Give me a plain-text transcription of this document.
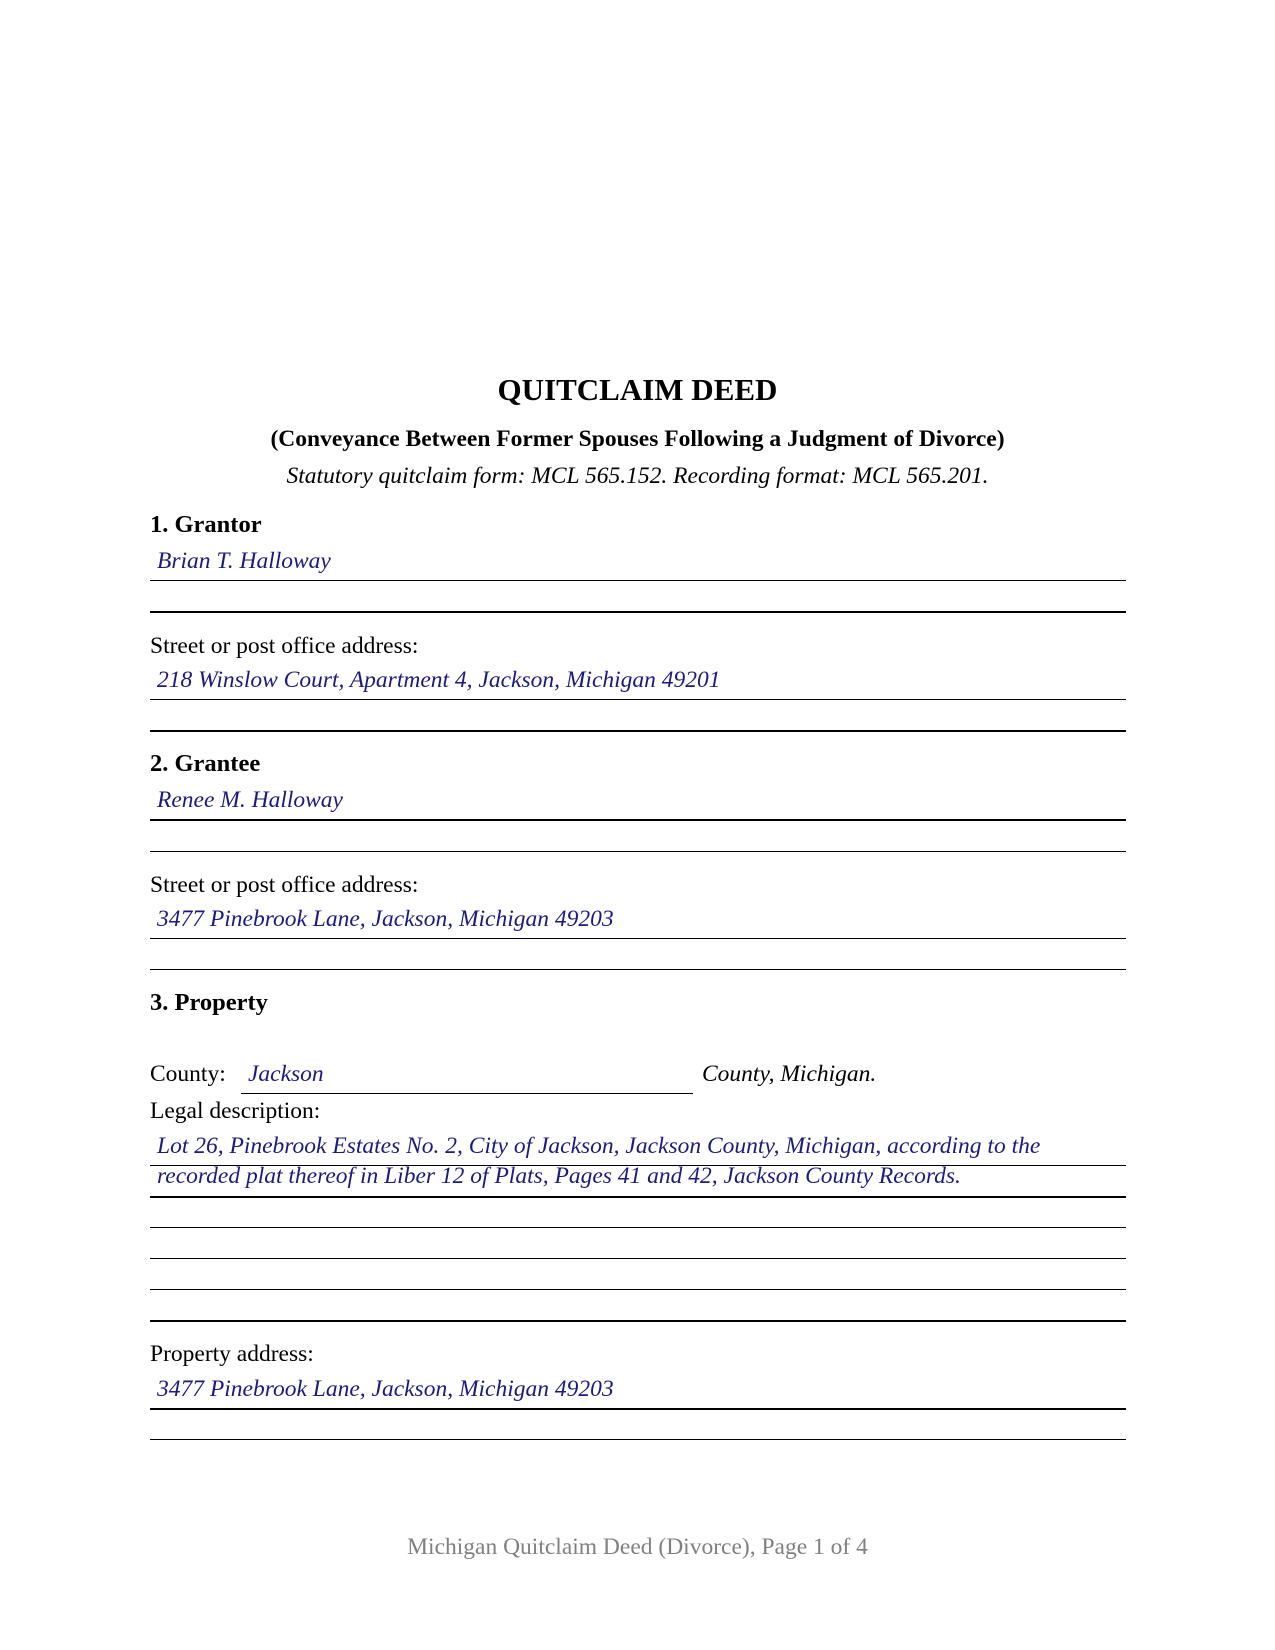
QUITCLAIM DEED
(Conveyance Between Former Spouses Following a Judgment of Divorce)
Statutory quitclaim form: MCL 565.152. Recording format: MCL 565.201.
1. Grantor
Brian T. Halloway
Street or post office address:
218 Winslow Court, Apartment 4, Jackson, Michigan 49201
2. Grantee
Renee M. Halloway
Street or post office address:
3477 Pinebrook Lane, Jackson, Michigan 49203
3. Property
County: Jackson	County, Michigan.
Legal description:
Lot 26, Pinebrook Estates No. 2, City of Jackson, Jackson County, Michigan, according to the
recorded plat thereof in Liber 12 of Plats, Pages 41 and 42, Jackson County Records.
Property address:
3477 Pinebrook Lane, Jackson, Michigan 49203
Michigan Quitclaim Deed (Divorce), Page 1 of 4
